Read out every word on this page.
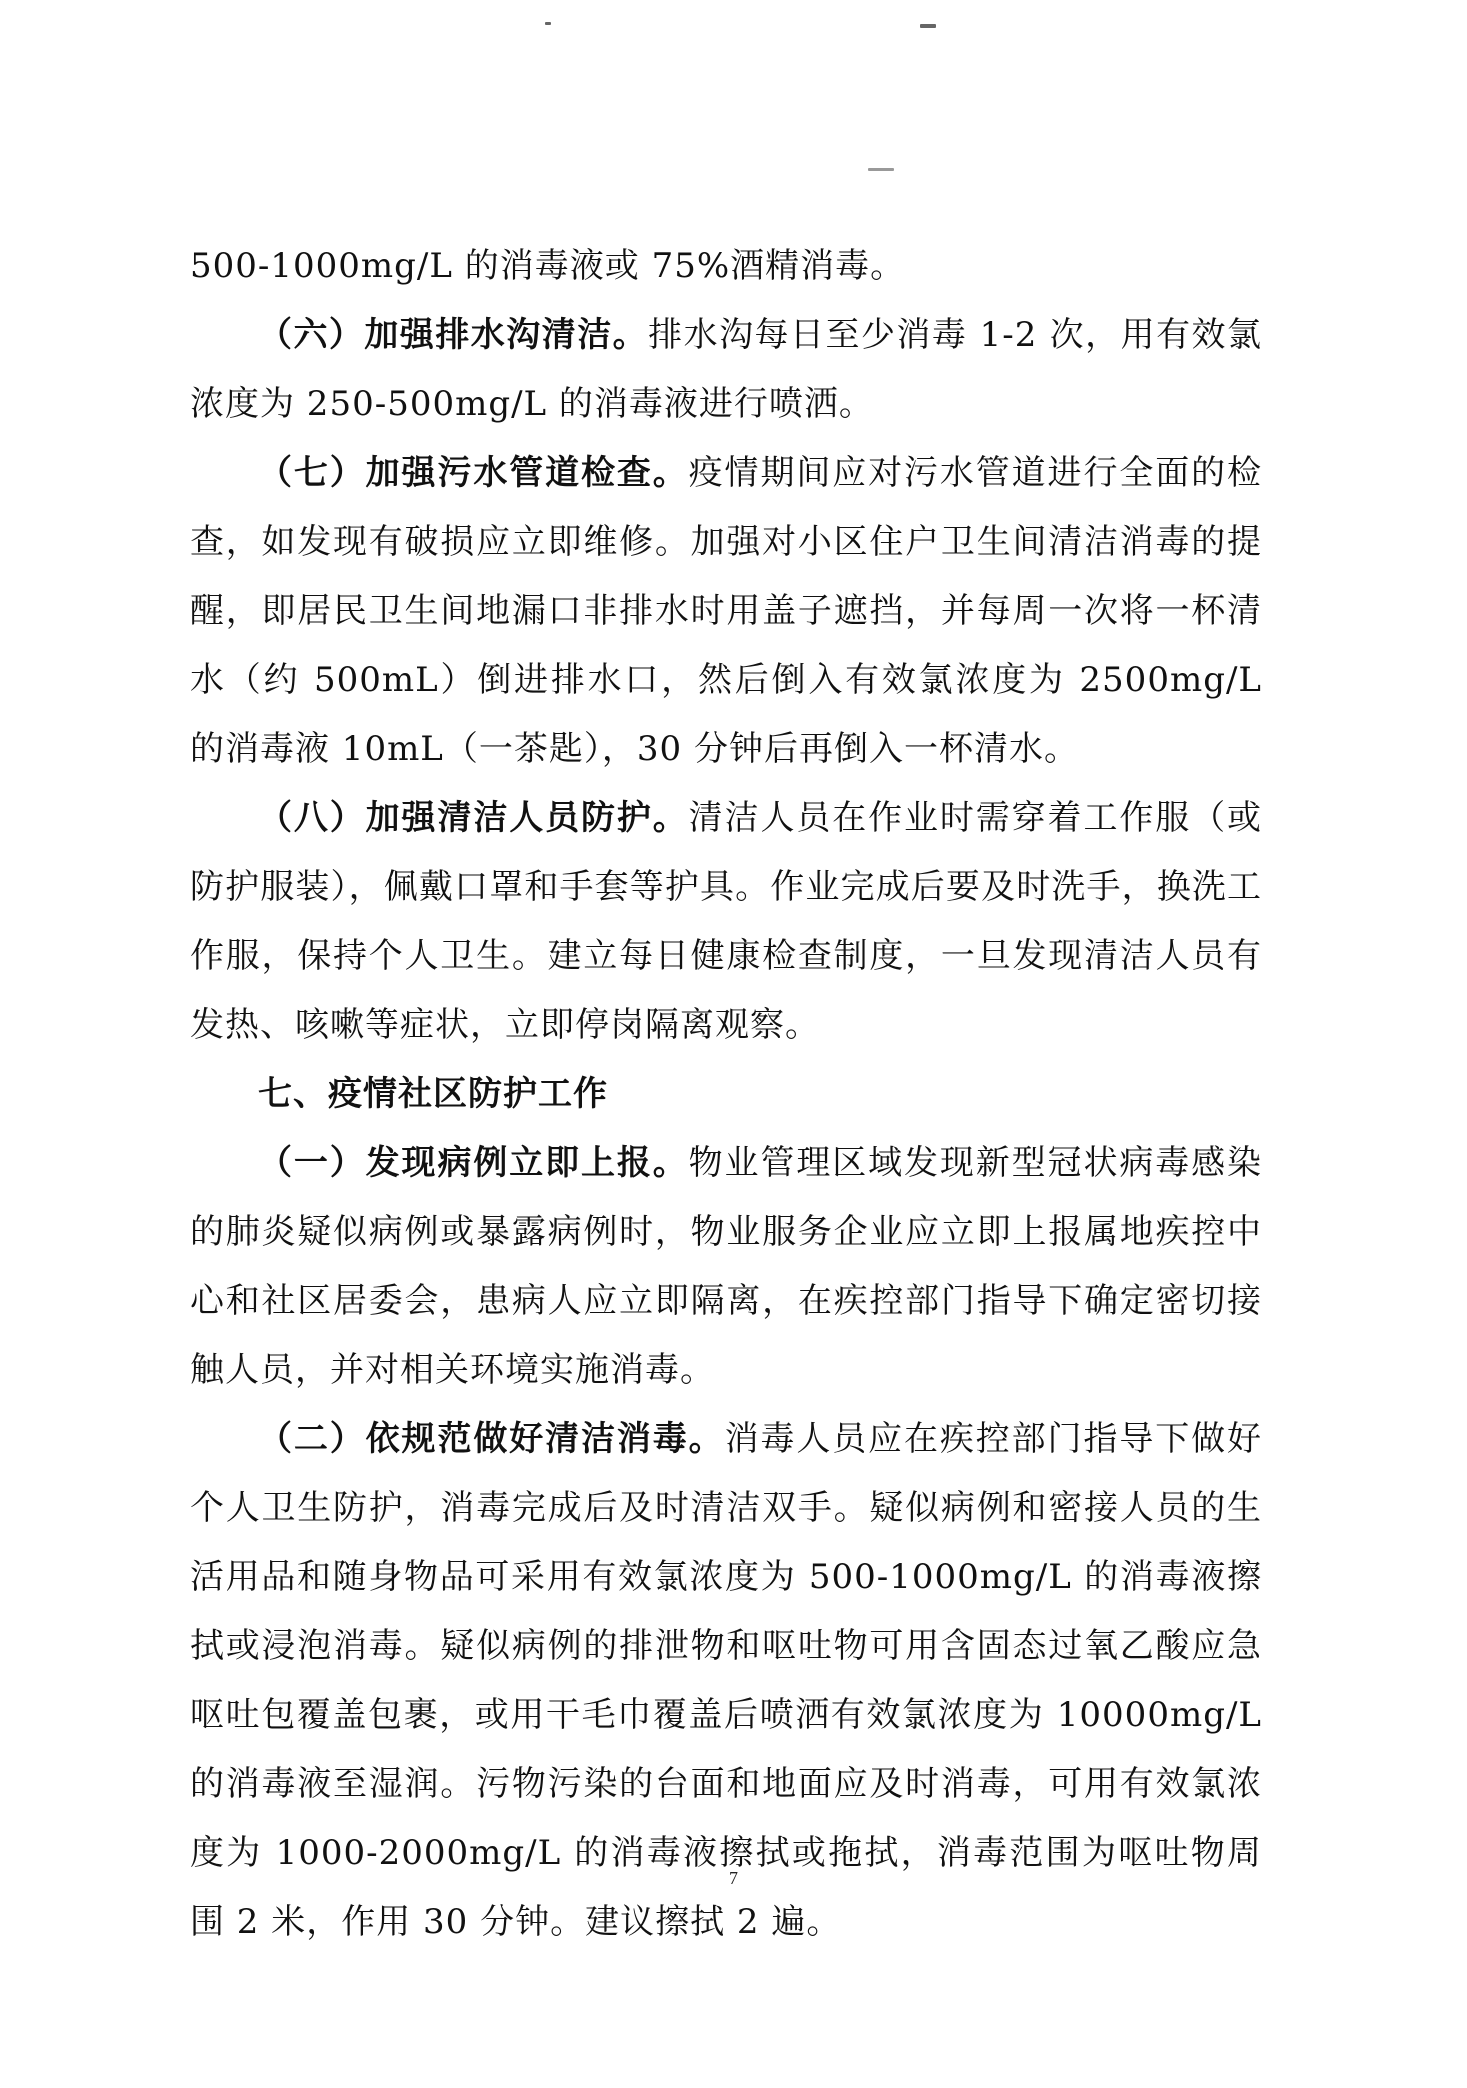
500-1000mg/L 的消毒液或 75%酒精消毒。

（六）加强排水沟清洁。排水沟每日至少消毒 1-2 次，用有效氯浓度为 250-500mg/L 的消毒液进行喷洒。

（七）加强污水管道检查。疫情期间应对污水管道进行全面的检查，如发现有破损应立即维修。加强对小区住户卫生间清洁消毒的提醒，即居民卫生间地漏口非排水时用盖子遮挡，并每周一次将一杯清水（约 500mL）倒进排水口，然后倒入有效氯浓度为 2500mg/L 的消毒液 10mL（一茶匙），30 分钟后再倒入一杯清水。

（八）加强清洁人员防护。清洁人员在作业时需穿着工作服（或防护服装），佩戴口罩和手套等护具。作业完成后要及时洗手，换洗工作服，保持个人卫生。建立每日健康检查制度，一旦发现清洁人员有发热、咳嗽等症状，立即停岗隔离观察。

七、疫情社区防护工作

（一）发现病例立即上报。物业管理区域发现新型冠状病毒感染的肺炎疑似病例或暴露病例时，物业服务企业应立即上报属地疾控中心和社区居委会，患病人应立即隔离，在疾控部门指导下确定密切接触人员，并对相关环境实施消毒。

（二）依规范做好清洁消毒。消毒人员应在疾控部门指导下做好个人卫生防护，消毒完成后及时清洁双手。疑似病例和密接人员的生活用品和随身物品可采用有效氯浓度为 500-1000mg/L 的消毒液擦拭或浸泡消毒。疑似病例的排泄物和呕吐物可用含固态过氧乙酸应急呕吐包覆盖包裹，或用干毛巾覆盖后喷洒有效氯浓度为 10000mg/L 的消毒液至湿润。污物污染的台面和地面应及时消毒，可用有效氯浓度为 1000-2000mg/L 的消毒液擦拭或拖拭，消毒范围为呕吐物周围 2 米，作用 30 分钟。建议擦拭 2 遍。

7
